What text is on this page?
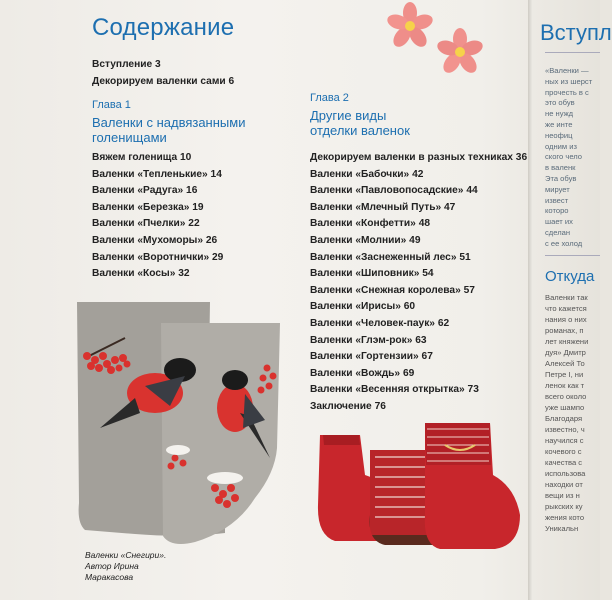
Содержание
Вступление 3
Декорируем валенки сами 6
Глава 1
Валенки с надвязанными
голенищами
Вяжем голенища 10
Валенки «Тепленькие» 14
Валенки «Радуга» 16
Валенки «Березка» 19
Валенки «Пчелки» 22
Валенки «Мухоморы» 26
Валенки «Воротнички» 29
Валенки «Косы» 32
Глава 2
Другие виды
отделки валенок
Декорируем валенки в разных техниках 36
Валенки «Бабочки» 42
Валенки «Павловопосадские» 44
Валенки «Млечный Путь» 47
Валенки «Конфетти» 48
Валенки «Молнии» 49
Валенки «Заснеженный лес» 51
Валенки «Шиповник» 54
Валенки «Снежная королева» 57
Валенки «Ирисы» 60
Валенки «Человек-паук» 62
Валенки «Глэм-рок» 63
Валенки «Гортензии» 67
Валенки «Вождь» 69
Валенки «Весенняя открытка» 73
Заключение 76
Валенки «Снегири».
Автор Ирина
Маракасова
Вступл
«Валенки —
ных из шерст
прочесть в с
это обув
не нужд
же инте
неофиц
одним из
ского чело
в валенк
Эта обув
мирует
извест
которо
шает их
сделан
с ее холод
Откуда
Валенки так
что кажется
нания о них
романах, п
лет княжени
дуя» Дмитр
Алексей То
Петре I, ни
ленок как т
всего около
уже шампо
Благодаря
известно, ч
научился с
кочевого с
качества с
использова
находки от
вещи из н
рыкских ку
жения кото
Уникальн
